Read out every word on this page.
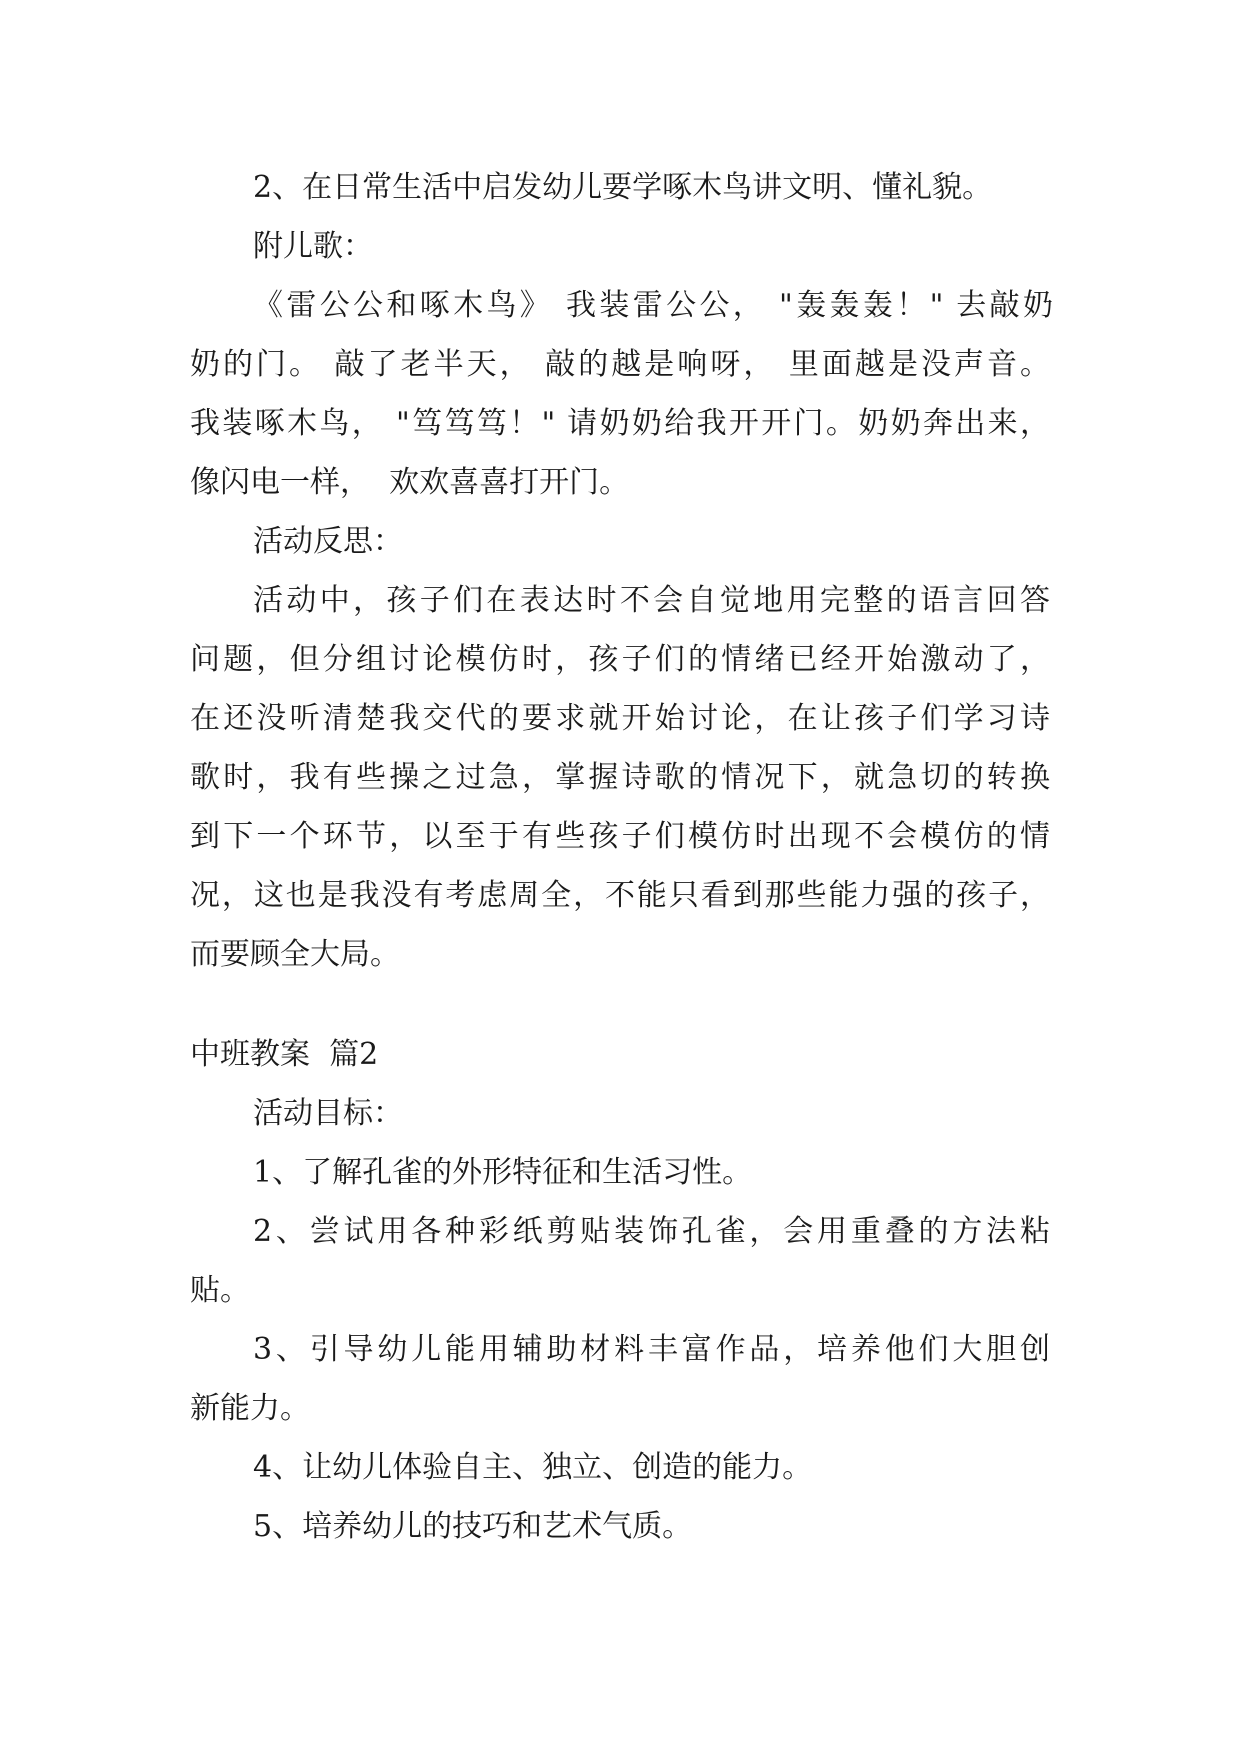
2、在日常生活中启发幼儿要学啄木鸟讲文明、懂礼貌。
附儿歌：
《雷公公和啄木鸟》 我装雷公公， "轰轰轰！" 去敲奶
奶的门。 敲了老半天， 敲的越是响呀， 里面越是没声音。
我装啄木鸟， "笃笃笃！" 请奶奶给我开开门。奶奶奔出来，
像闪电一样，  欢欢喜喜打开门。
活动反思：
活动中，孩子们在表达时不会自觉地用完整的语言回答
问题，但分组讨论模仿时，孩子们的情绪已经开始激动了，
在还没听清楚我交代的要求就开始讨论，在让孩子们学习诗
歌时，我有些操之过急，掌握诗歌的情况下，就急切的转换
到下一个环节，以至于有些孩子们模仿时出现不会模仿的情
况，这也是我没有考虑周全，不能只看到那些能力强的孩子，
而要顾全大局。
中班教案  篇2
活动目标：
1、了解孔雀的外形特征和生活习性。
2、尝试用各种彩纸剪贴装饰孔雀，会用重叠的方法粘
贴。
3、引导幼儿能用辅助材料丰富作品，培养他们大胆创
新能力。
4、让幼儿体验自主、独立、创造的能力。
5、培养幼儿的技巧和艺术气质。
